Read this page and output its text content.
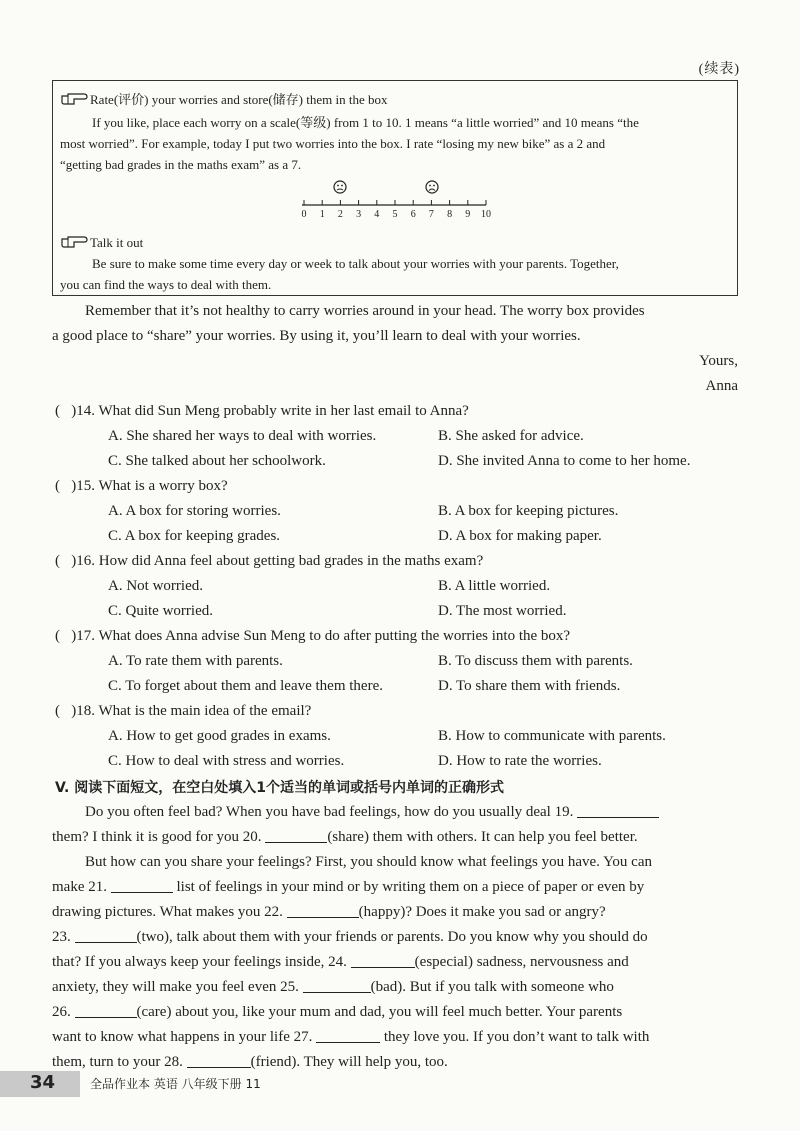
(续表)
Rate(评价) your worries and store(储存) them in the box
If you like, place each worry on a scale(等级) from 1 to 10. 1 means “a little worried” and 10 means “the
most worried”. For example, today I put two worries into the box. I rate “losing my new bike” as a 2 and
“getting bad grades in the maths exam” as a 7.
0 1 2 3 4 5 6 7 8 9 10
Talk it out
Be sure to make some time every day or week to talk about your worries with your parents. Together,
you can find the ways to deal with them.
Remember that it’s not healthy to carry worries around in your head. The worry box provides
a good place to “share” your worries. By using it, you’ll learn to deal with your worries.
Yours,
Anna
(   )14. What did Sun Meng probably write in her last email to Anna?
A. She shared her ways to deal with worries.	B. She asked for advice.
C. She talked about her schoolwork.	D. She invited Anna to come to her home.
(   )15. What is a worry box?
A. A box for storing worries.	B. A box for keeping pictures.
C. A box for keeping grades.	D. A box for making paper.
(   )16. How did Anna feel about getting bad grades in the maths exam?
A. Not worried.	B. A little worried.
C. Quite worried.	D. The most worried.
(   )17. What does Anna advise Sun Meng to do after putting the worries into the box?
A. To rate them with parents.	B. To discuss them with parents.
C. To forget about them and leave them there.	D. To share them with friends.
(   )18. What is the main idea of the email?
A. How to get good grades in exams.	B. How to communicate with parents.
C. How to deal with stress and worries.	D. How to rate the worries.
V. 阅读下面短文，在空白处填入1个适当的单词或括号内单词的正确形式
Do you often feel bad? When you have bad feelings, how do you usually deal 19.
them? I think it is good for you 20.	(share) them with others. It can help you feel better.
But how can you share your feelings? First, you should know what feelings you have. You can
make 21.	list of feelings in your mind or by writing them on a piece of paper or even by
drawing pictures. What makes you 22.	(happy)? Does it make you sad or angry?
23.	(two), talk about them with your friends or parents. Do you know why you should do
that? If you always keep your feelings inside, 24.	(especial) sadness, nervousness and
anxiety, they will make you feel even 25.	(bad). But if you talk with someone who
26.	(care) about you, like your mum and dad, you will feel much better. Your parents
want to know what happens in your life 27.	they love you. If you don’t want to talk with
them, turn to your 28.	(friend). They will help you, too.
34	全品作业本 英语 八年级下册 11
